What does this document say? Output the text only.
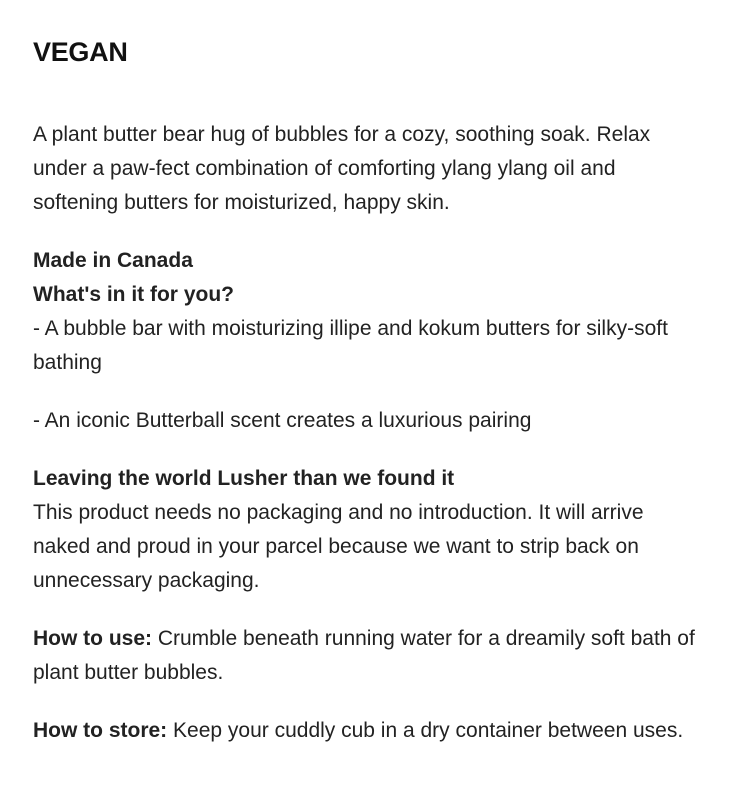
VEGAN

A plant butter bear hug of bubbles for a cozy, soothing soak. Relax under a paw-fect combination of comforting ylang ylang oil and softening butters for moisturized, happy skin.

Made in Canada

What's in it for you?

- A bubble bar with moisturizing illipe and kokum butters for silky-soft bathing

- An iconic Butterball scent creates a luxurious pairing

Leaving the world Lusher than we found it

This product needs no packaging and no introduction. It will arrive naked and proud in your parcel because we want to strip back on unnecessary packaging.

How to use: Crumble beneath running water for a dreamily soft bath of plant butter bubbles.

How to store: Keep your cuddly cub in a dry container between uses.
